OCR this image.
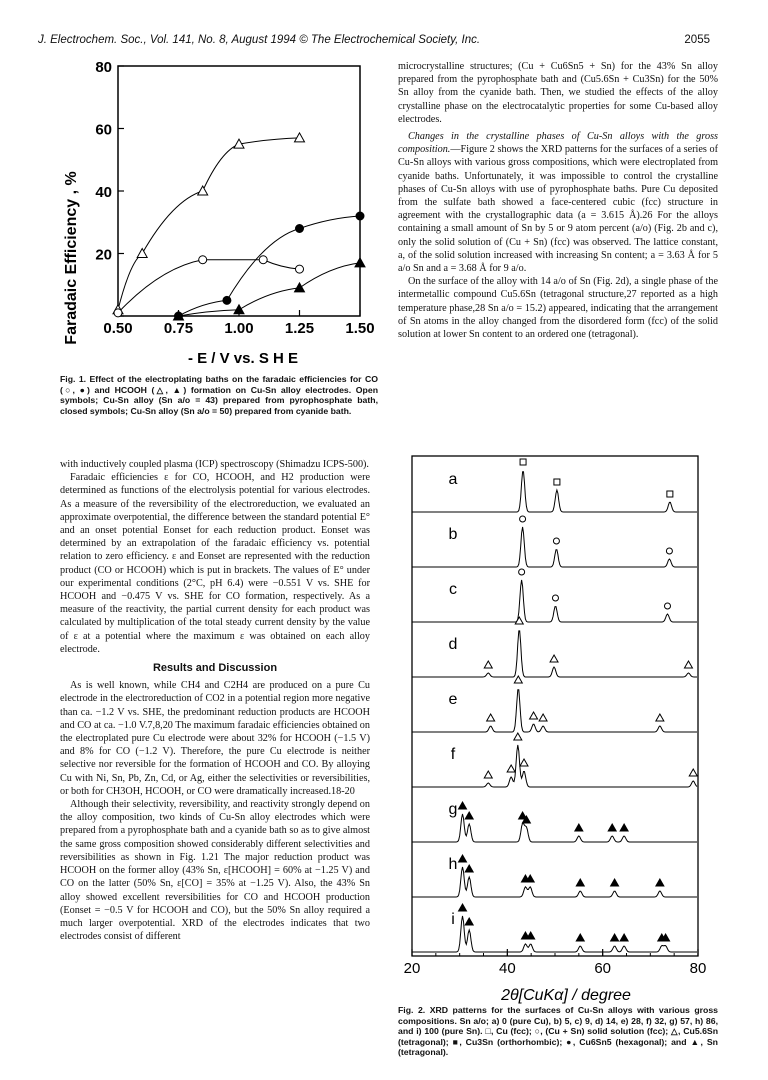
J. Electrochem. Soc., Vol. 141, No. 8, August 1994 © The Electrochemical Society, Inc.	2055
Faradaic Efficiency , %
- E / V vs. S H E
0.50 0.75 1.00 1.25 1.50
20
40
60
80
Fig. 1. Effect of the electroplating baths on the faradaic efficiencies for CO (○, ●) and HCOOH (△, ▲) formation on Cu-Sn alloy electrodes. Open symbols; Cu-Sn alloy (Sn a/o = 43) prepared from pyrophosphate bath, closed symbols; Cu-Sn alloy (Sn a/o = 50) prepared from cyanide bath.

microcrystalline structures; (Cu + Cu6Sn5 + Sn) for the 43% Sn alloy prepared from the pyrophosphate bath and (Cu5.6Sn + Cu3Sn) for the 50% Sn alloy from the cyanide bath. Then, we studied the effects of the alloy crystalline phase on the electrocatalytic properties for some Cu-based alloy electrodes.

Changes in the crystalline phases of Cu-Sn alloys with the gross composition.—Figure 2 shows the XRD patterns for the surfaces of a series of Cu-Sn alloys with various gross compositions, which were electroplated from cyanide baths. Unfortunately, it was impossible to control the crystalline phases of Cu-Sn alloys with use of pyrophosphate baths. Pure Cu deposited from the sulfate bath showed a face-centered cubic (fcc) structure in agreement with the crystallographic data (a = 3.615 Å).26 For the alloys containing a small amount of Sn by 5 or 9 atom percent (a/o) (Fig. 2b and c), only the solid solution of (Cu + Sn) (fcc) was observed. The lattice constant, a, of the solid solution increased with increasing Sn content; a = 3.63 Å for 5 a/o Sn and a = 3.68 Å for 9 a/o.

On the surface of the alloy with 14 a/o of Sn (Fig. 2d), a single phase of the intermetallic compound Cu5.6Sn (tetragonal structure,27 reported as a high temperature phase,28 Sn a/o = 15.2) appeared, indicating that the arrangement of Sn atoms in the alloy changed from the disordered form (fcc) of the solid solution at lower Sn content to an ordered one (tetragonal).

with inductively coupled plasma (ICP) spectroscopy (Shimadzu ICPS-500).

Faradaic efficiencies ε for CO, HCOOH, and H2 production were determined as functions of the electrolysis potential for various electrodes. As a measure of the reversibility of the electroreduction, we evaluated an approximate overpotential, the difference between the standard potential E° and an onset potential Eonset for each reduction product. Eonset was determined by an extrapolation of the faradaic efficiency vs. potential relation to zero efficiency. ε and Eonset are represented with the reduction product (CO or HCOOH) which is put in brackets. The values of E° under our experimental conditions (2°C, pH 6.4) were −0.551 V vs. SHE for HCOOH and −0.475 V vs. SHE for CO formation, respectively. As a measure of the reactivity, the partial current density for each product was calculated by multiplication of the total steady current density by the value of ε at a potential where the maximum ε was obtained on each alloy electrode.

Results and Discussion

As is well known, while CH4 and C2H4 are produced on a pure Cu electrode in the electroreduction of CO2 in a potential region more negative than ca. −1.2 V vs. SHE, the predominant reduction products are HCOOH and CO at ca. −1.0 V.7,8,20 The maximum faradaic efficiencies obtained on the electroplated pure Cu electrode were about 32% for HCOOH (−1.5 V) and 8% for CO (−1.2 V). Therefore, the pure Cu electrode is neither selective nor reversible for the formation of HCOOH and CO. By alloying Cu with Ni, Sn, Pb, Zn, Cd, or Ag, either the selectivities or reversibilities, or both for CH3OH, HCOOH, or CO were dramatically increased.18-20

Although their selectivity, reversibility, and reactivity strongly depend on the alloy composition, two kinds of Cu-Sn alloy electrodes which were prepared from a pyrophosphate bath and a cyanide bath so as to give almost the same gross composition showed considerably different selectivities and reversibilities as shown in Fig. 1.21 The major reduction product was HCOOH on the former alloy (43% Sn, ε[HCOOH] = 60% at −1.25 V) and CO on the latter (50% Sn, ε[CO] = 35% at −1.25 V). Also, the 43% Sn alloy showed excellent reversibilities for CO and HCOOH production (Eonset = −0.5 V for HCOOH and CO), but the 50% Sn alloy required a much larger overpotential. XRD of the electrodes indicates that two electrodes consist of different

2θ[CuKα] / degree
20	40	60	80
a
b
c
d
e
f
g
h
i
Fig. 2. XRD patterns for the surfaces of Cu-Sn alloys with various gross compositions. Sn a/o; a) 0 (pure Cu), b) 5, c) 9, d) 14, e) 28, f) 32, g) 57, h) 86, and i) 100 (pure Sn). □, Cu (fcc); ○, (Cu + Sn) solid solution (fcc); △, Cu5.6Sn (tetragonal); ■, Cu3Sn (orthorhombic); ●, Cu6Sn5 (hexagonal); and ▲, Sn (tetragonal).
